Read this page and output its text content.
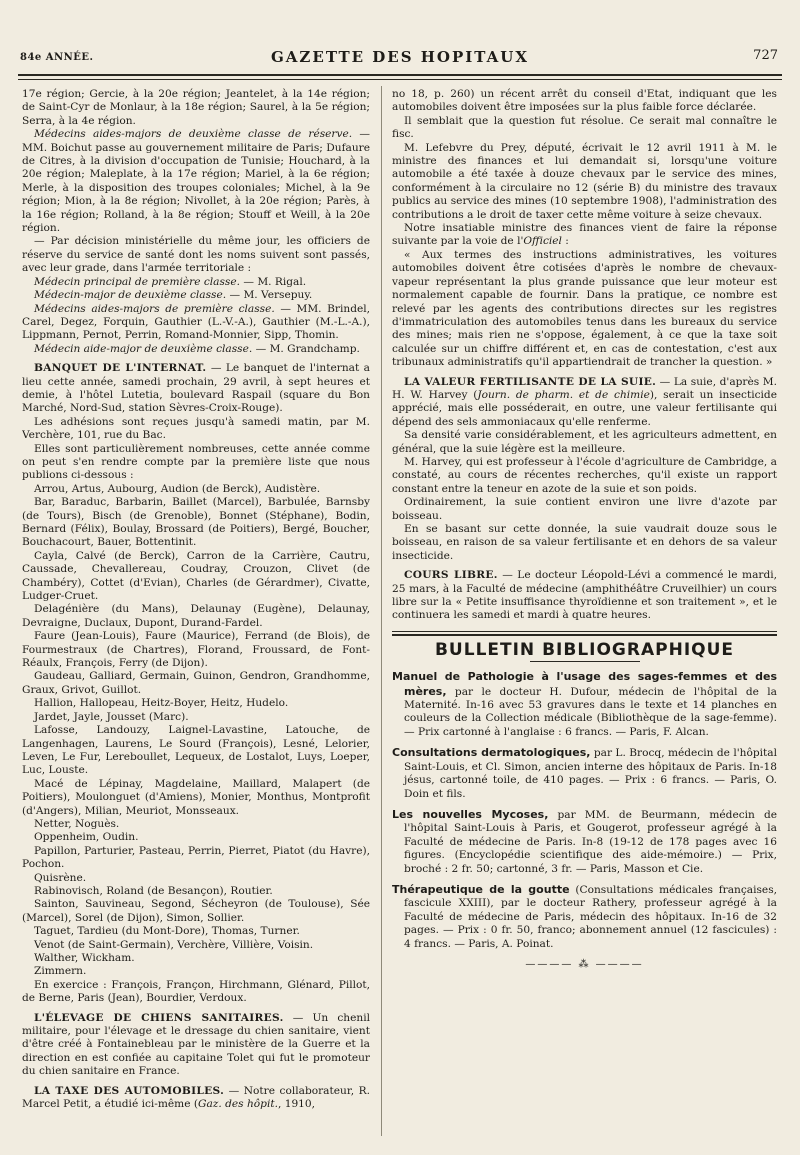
84e ANNÉE.	GAZETTE DES HOPITAUX	727

17e région; Gercie, à la 20e région; Jeantelet, à la 14e région; de Saint-Cyr de Monlaur, à la 18e région; Saurel, à la 5e région; Serra, à la 4e région.

Médecins aides-majors de deuxième classe de réserve. — MM. Boichut passe au gouvernement militaire de Paris; Dufaure de Citres, à la division d'occupation de Tunisie; Houchard, à la 20e région; Maleplate, à la 17e région; Mariel, à la 6e région; Merle, à la disposition des troupes coloniales; Michel, à la 9e région; Mion, à la 8e région; Nivollet, à la 20e région; Parès, à la 16e région; Rolland, à la 8e région; Stouff et Weill, à la 20e région.

— Par décision ministérielle du même jour, les officiers de réserve du service de santé dont les noms suivent sont passés, avec leur grade, dans l'armée territoriale :

Médecin principal de première classe. — M. Rigal.

Médecin-major de deuxième classe. — M. Versepuy.

Médecins aides-majors de première classe. — MM. Brindel, Carel, Degez, Forquin, Gauthier (L.-V.-A.), Gauthier (M.-L.-A.), Lippmann, Pernot, Perrin, Romand-Monnier, Sipp, Thomin.

Médecin aide-major de deuxième classe. — M. Grandchamp.

BANQUET DE L'INTERNAT. — Le banquet de l'internat a lieu cette année, samedi prochain, 29 avril, à sept heures et demie, à l'hôtel Lutetia, boulevard Raspail (square du Bon Marché, Nord-Sud, station Sèvres-Croix-Rouge).

Les adhésions sont reçues jusqu'à samedi matin, par M. Verchère, 101, rue du Bac.

Elles sont particulièrement nombreuses, cette année comme on peut s'en rendre compte par la première liste que nous publions ci-dessous :

Arrou, Artus, Aubourg, Audion (de Berck), Audistère.

Bar, Baraduc, Barbarin, Baillet (Marcel), Barbulée, Barnsby (de Tours), Bisch (de Grenoble), Bonnet (Stéphane), Bodin, Bernard (Félix), Boulay, Brossard (de Poitiers), Bergé, Boucher, Bouchacourt, Bauer, Bottentinit.

Cayla, Calvé (de Berck), Carron de la Carrière, Cautru, Caussade, Chevallereau, Coudray, Crouzon, Clivet (de Chambéry), Cottet (d'Evian), Charles (de Gérardmer), Civatte, Ludger-Cruet.

Delagénière (du Mans), Delaunay (Eugène), Delaunay, Devraigne, Duclaux, Dupont, Durand-Fardel.

Faure (Jean-Louis), Faure (Maurice), Ferrand (de Blois), de Fourmestraux (de Chartres), Florand, Froussard, de Font-Réaulx, François, Ferry (de Dijon).

Gaudeau, Galliard, Germain, Guinon, Gendron, Grandhomme, Graux, Grivot, Guillot.

Hallion, Hallopeau, Heitz-Boyer, Heitz, Hudelo.

Jardet, Jayle, Jousset (Marc).

Lafosse, Landouzy, Laignel-Lavastine, Latouche, de Langenhagen, Laurens, Le Sourd (François), Lesné, Lelorier, Leven, Le Fur, Lereboullet, Lequeux, de Lostalot, Luys, Loeper, Luc, Louste.

Macé de Lépinay, Magdelaine, Maillard, Malapert (de Poitiers), Moulonguet (d'Amiens), Monier, Monthus, Montprofit (d'Angers), Milian, Meuriot, Monsseaux.

Netter, Noguès.

Oppenheim, Oudin.

Papillon, Parturier, Pasteau, Perrin, Pierret, Piatot (du Havre), Pochon.

Quisrène.

Rabinovisch, Roland (de Besançon), Routier.

Sainton, Sauvineau, Segond, Sécheyron (de Toulouse), Sée (Marcel), Sorel (de Dijon), Simon, Sollier.

Taguet, Tardieu (du Mont-Dore), Thomas, Turner.

Venot (de Saint-Germain), Verchère, Villière, Voisin.

Walther, Wickham.

Zimmern.

En exercice : François, Françon, Hirchmann, Glénard, Pillot, de Berne, Paris (Jean), Bourdier, Verdoux.

L'ÉLEVAGE DE CHIENS SANITAIRES. — Un chenil militaire, pour l'élevage et le dressage du chien sanitaire, vient d'être créé à Fontainebleau par le ministère de la Guerre et la direction en est confiée au capitaine Tolet qui fut le promoteur du chien sanitaire en France.

LA TAXE DES AUTOMOBILES. — Notre collaborateur, R. Marcel Petit, a étudié ici-même (Gaz. des hôpit., 1910,

no 18, p. 260) un récent arrêt du conseil d'Etat, indiquant que les automobiles doivent être imposées sur la plus faible force déclarée.

Il semblait que la question fut résolue. Ce serait mal connaître le fisc.

M. Lefebvre du Prey, député, écrivait le 12 avril 1911 à M. le ministre des finances et lui demandait si, lorsqu'une voiture automobile a été taxée à douze chevaux par le service des mines, conformément à la circulaire no 12 (série B) du ministre des travaux publics au service des mines (10 septembre 1908), l'administration des contributions a le droit de taxer cette même voiture à seize chevaux.

Notre insatiable ministre des finances vient de faire la réponse suivante par la voie de l'Officiel :

« Aux termes des instructions administratives, les voitures automobiles doivent être cotisées d'après le nombre de chevaux-vapeur représentant la plus grande puissance que leur moteur est normalement capable de fournir. Dans la pratique, ce nombre est relevé par les agents des contributions directes sur les registres d'immatriculation des automobiles tenus dans les bureaux du service des mines; mais rien ne s'oppose, également, à ce que la taxe soit calculée sur un chiffre différent et, en cas de contestation, c'est aux tribunaux administratifs qu'il appartiendrait de trancher la question. »

LA VALEUR FERTILISANTE DE LA SUIE. — La suie, d'après M. H. W. Harvey (Journ. de pharm. et de chimie), serait un insecticide apprécié, mais elle posséderait, en outre, une valeur fertilisante qui dépend des sels ammoniacaux qu'elle renferme.

Sa densité varie considérablement, et les agriculteurs admettent, en général, que la suie légère est la meilleure.

M. Harvey, qui est professeur à l'école d'agriculture de Cambridge, a constaté, au cours de récentes recherches, qu'il existe un rapport constant entre la teneur en azote de la suie et son poids.

Ordinairement, la suie contient environ une livre d'azote par boisseau.

En se basant sur cette donnée, la suie vaudrait douze sous le boisseau, en raison de sa valeur fertilisante et en dehors de sa valeur insecticide.

COURS LIBRE. — Le docteur Léopold-Lévi a commencé le mardi, 25 mars, à la Faculté de médecine (amphithéâtre Cruveilhier) un cours libre sur la « Petite insuffisance thyroïdienne et son traitement », et le continuera les samedi et mardi à quatre heures.

BULLETIN BIBLIOGRAPHIQUE

Manuel de Pathologie à l'usage des sages-femmes et des mères, par le docteur H. Dufour, médecin de l'hôpital de la Maternité. In-16 avec 53 gravures dans le texte et 14 planches en couleurs de la Collection médicale (Bibliothèque de la sage-femme). — Prix cartonné à l'anglaise : 6 francs. — Paris, F. Alcan.

Consultations dermatologiques, par L. Brocq, médecin de l'hôpital Saint-Louis, et Cl. Simon, ancien interne des hôpitaux de Paris. In-18 jésus, cartonné toile, de 410 pages. — Prix : 6 francs. — Paris, O. Doin et fils.

Les nouvelles Mycoses, par MM. de Beurmann, médecin de l'hôpital Saint-Louis à Paris, et Gougerot, professeur agrégé à la Faculté de médecine de Paris. In-8 (19-12 de 178 pages avec 16 figures. (Encyclopédie scientifique des aide-mémoire.) — Prix, broché : 2 fr. 50; cartonné, 3 fr. — Paris, Masson et Cie.

Thérapeutique de la goutte (Consultations médicales françaises, fascicule XXIII), par le docteur Rathery, professeur agrégé à la Faculté de médecine de Paris, médecin des hôpitaux. In-16 de 32 pages. — Prix : 0 fr. 50, franco; abonnement annuel (12 fascicules) : 4 francs. — Paris, A. Poinat.

———— ⁂ ————
